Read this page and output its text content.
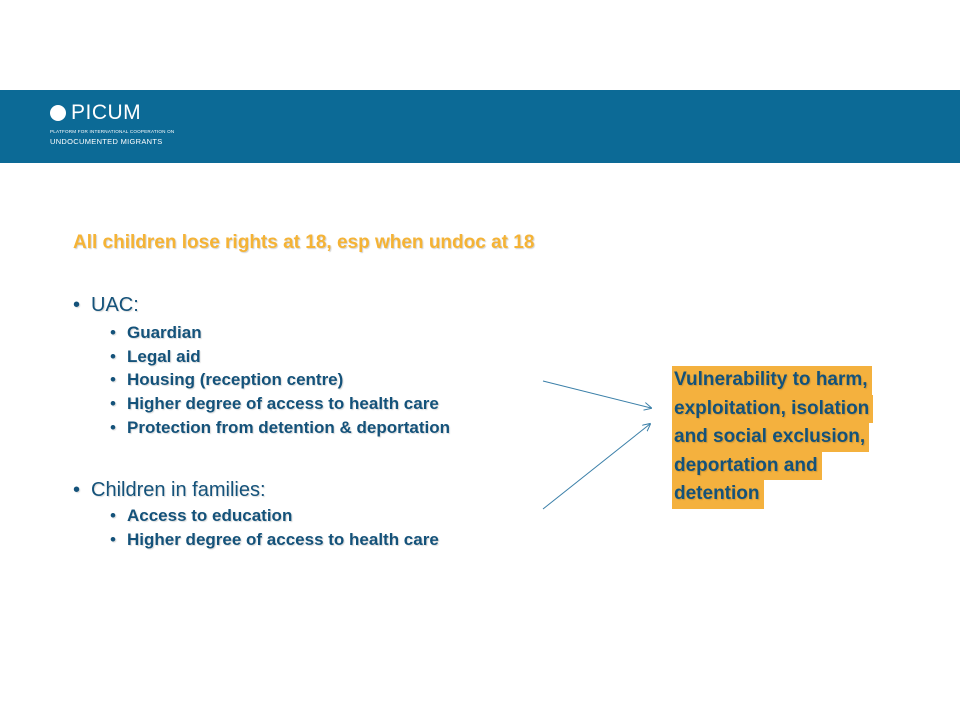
PICUM
PLATFORM FOR INTERNATIONAL COOPERATION ON
UNDOCUMENTED MIGRANTS
All children lose rights at 18, esp when undoc at 18
• UAC:
• Guardian
• Legal aid
• Housing (reception centre)
• Higher degree of access to health care
• Protection from detention & deportation
• Children in families:
• Access to education
• Higher degree of access to health care
Vulnerability to harm,
exploitation, isolation
and social exclusion,
deportation and
detention
